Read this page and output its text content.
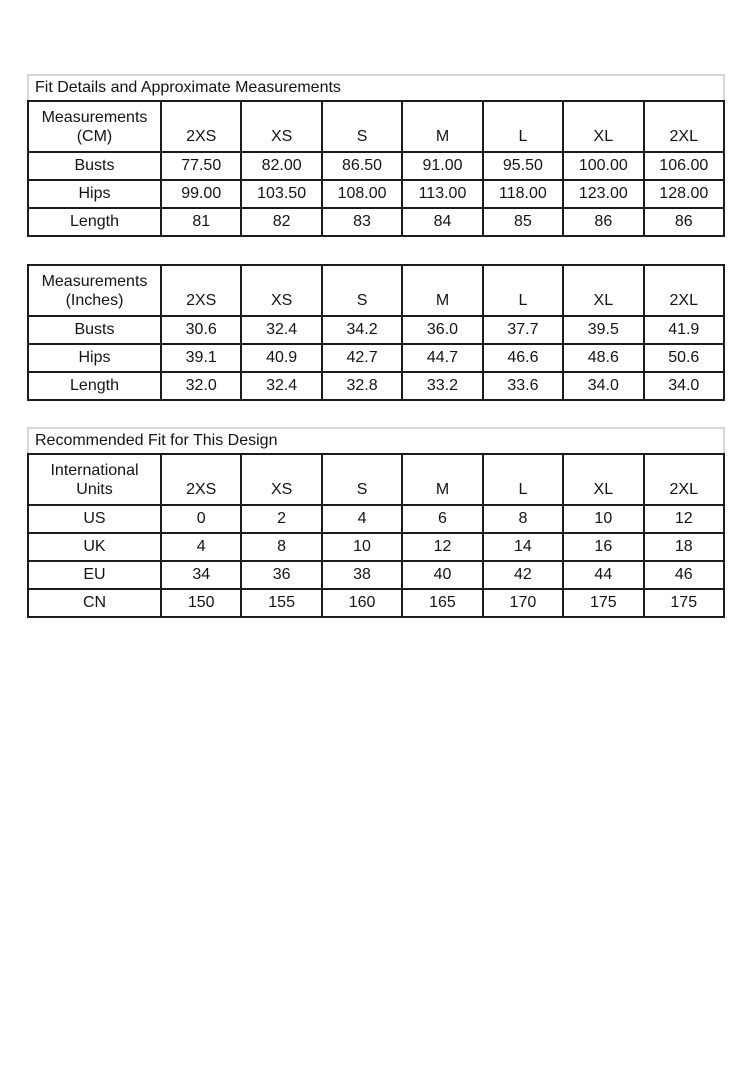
Fit Details and Approximate Measurements
Measurements
(CM)	2XS	XS	S	M	L	XL	2XL
Busts	77.50	82.00	86.50	91.00	95.50	100.00	106.00
Hips	99.00	103.50	108.00	113.00	118.00	123.00	128.00
Length	81	82	83	84	85	86	86
Measurements
(Inches)	2XS	XS	S	M	L	XL	2XL
Busts	30.6	32.4	34.2	36.0	37.7	39.5	41.9
Hips	39.1	40.9	42.7	44.7	46.6	48.6	50.6
Length	32.0	32.4	32.8	33.2	33.6	34.0	34.0
Recommended Fit for This Design
International
Units	2XS	XS	S	M	L	XL	2XL
US	0	2	4	6	8	10	12
UK	4	8	10	12	14	16	18
EU	34	36	38	40	42	44	46
CN	150	155	160	165	170	175	175
